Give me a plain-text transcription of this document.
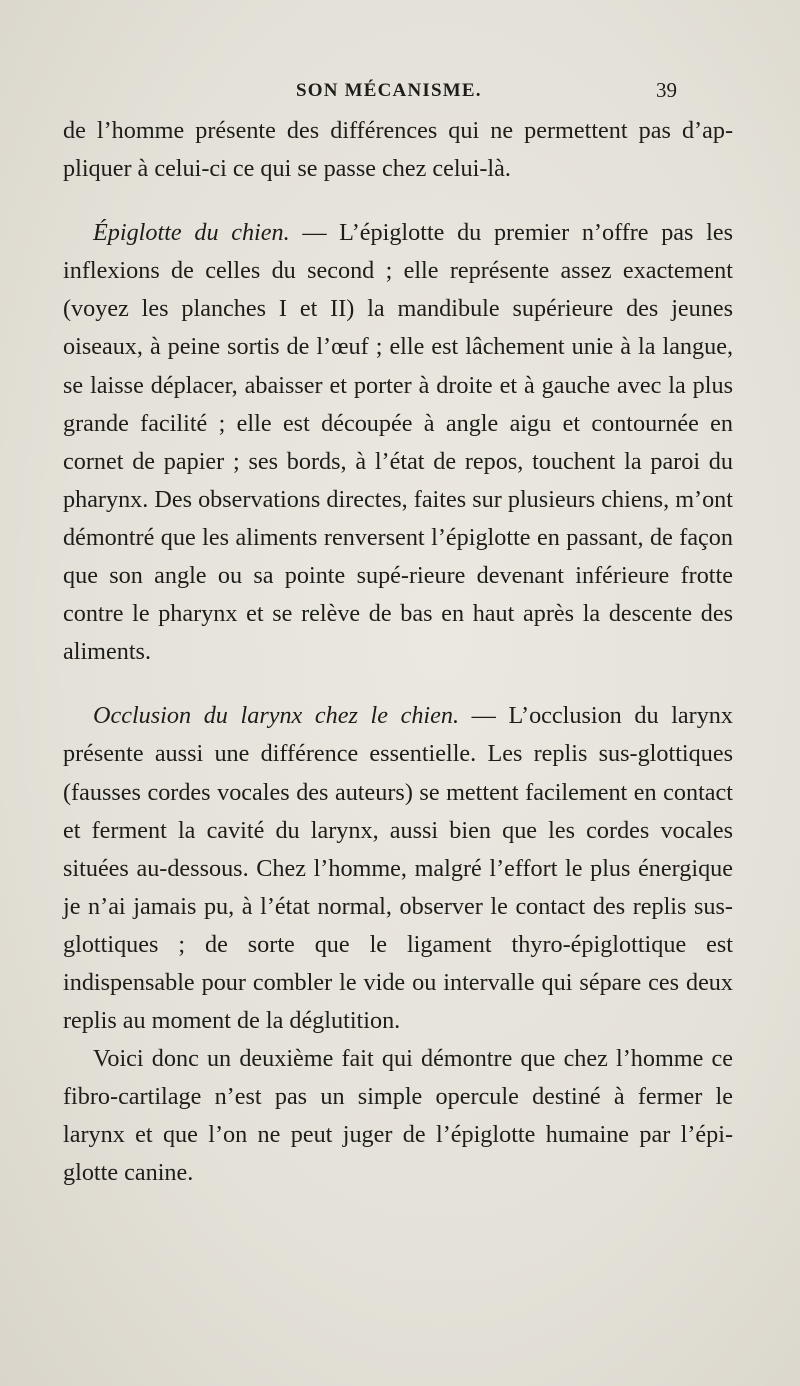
SON MÉCANISME.	39

de l’homme présente des différences qui ne permettent pas d’ap-pliquer à celui-ci ce qui se passe chez celui-là.

Épiglotte du chien. — L’épiglotte du premier n’offre pas les inflexions de celles du second ; elle représente assez exactement (voyez les planches I et II) la mandibule supérieure des jeunes oiseaux, à peine sortis de l’œuf ; elle est lâchement unie à la langue, se laisse déplacer, abaisser et porter à droite et à gauche avec la plus grande facilité ; elle est découpée à angle aigu et contournée en cornet de papier ; ses bords, à l’état de repos, touchent la paroi du pharynx. Des observations directes, faites sur plusieurs chiens, m’ont démontré que les aliments renversent l’épiglotte en passant, de façon que son angle ou sa pointe supé-rieure devenant inférieure frotte contre le pharynx et se relève de bas en haut après la descente des aliments.

Occlusion du larynx chez le chien. — L’occlusion du larynx présente aussi une différence essentielle. Les replis sus-glottiques (fausses cordes vocales des auteurs) se mettent facilement en contact et ferment la cavité du larynx, aussi bien que les cordes vocales situées au-dessous. Chez l’homme, malgré l’effort le plus énergique je n’ai jamais pu, à l’état normal, observer le contact des replis sus-glottiques ; de sorte que le ligament thyro-épiglottique est indispensable pour combler le vide ou intervalle qui sépare ces deux replis au moment de la déglutition.

Voici donc un deuxième fait qui démontre que chez l’homme ce fibro-cartilage n’est pas un simple opercule destiné à fermer le larynx et que l’on ne peut juger de l’épiglotte humaine par l’épi-glotte canine.
